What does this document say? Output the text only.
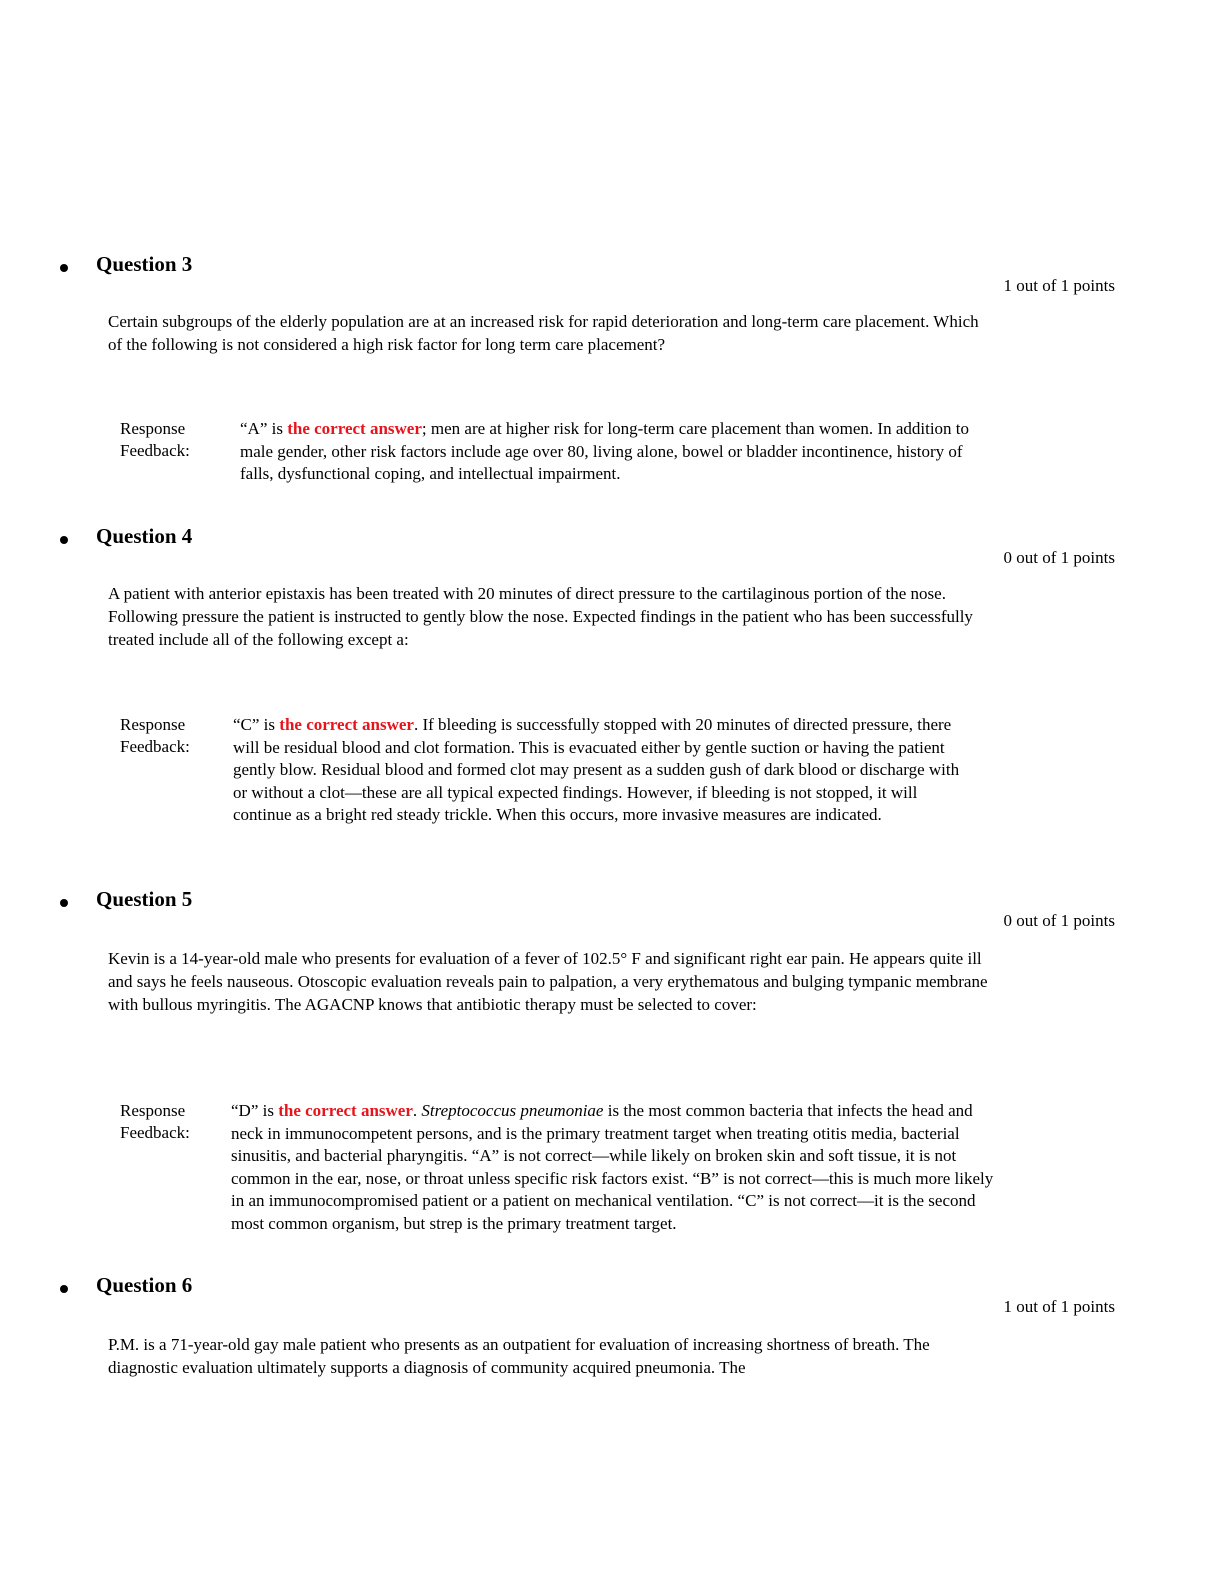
Question 3
1 out of 1 points
Certain subgroups of the elderly population are at an increased risk for rapid deterioration and long-term care placement. Which of the following is not considered a high risk factor for long term care placement?
Response Feedback:
“A” is the correct answer; men are at higher risk for long-term care placement than women. In addition to male gender, other risk factors include age over 80, living alone, bowel or bladder incontinence, history of falls, dysfunctional coping, and intellectual impairment.
Question 4
0 out of 1 points
A patient with anterior epistaxis has been treated with 20 minutes of direct pressure to the cartilaginous portion of the nose. Following pressure the patient is instructed to gently blow the nose. Expected findings in the patient who has been successfully treated include all of the following except a:
Response Feedback:
“C” is the correct answer. If bleeding is successfully stopped with 20 minutes of directed pressure, there will be residual blood and clot formation. This is evacuated either by gentle suction or having the patient gently blow. Residual blood and formed clot may present as a sudden gush of dark blood or discharge with or without a clot—these are all typical expected findings. However, if bleeding is not stopped, it will continue as a bright red steady trickle. When this occurs, more invasive measures are indicated.
Question 5
0 out of 1 points
Kevin is a 14-year-old male who presents for evaluation of a fever of 102.5° F and significant right ear pain. He appears quite ill and says he feels nauseous. Otoscopic evaluation reveals pain to palpation, a very erythematous and bulging tympanic membrane with bullous myringitis. The AGACNP knows that antibiotic therapy must be selected to cover:
Response Feedback:
“D” is the correct answer. Streptococcus pneumoniae is the most common bacteria that infects the head and neck in immunocompetent persons, and is the primary treatment target when treating otitis media, bacterial sinusitis, and bacterial pharyngitis. “A” is not correct—while likely on broken skin and soft tissue, it is not common in the ear, nose, or throat unless specific risk factors exist. “B” is not correct—this is much more likely in an immunocompromised patient or a patient on mechanical ventilation. “C” is not correct—it is the second most common organism, but strep is the primary treatment target.
Question 6
1 out of 1 points
P.M. is a 71-year-old gay male patient who presents as an outpatient for evaluation of increasing shortness of breath. The diagnostic evaluation ultimately supports a diagnosis of community acquired pneumonia. The
